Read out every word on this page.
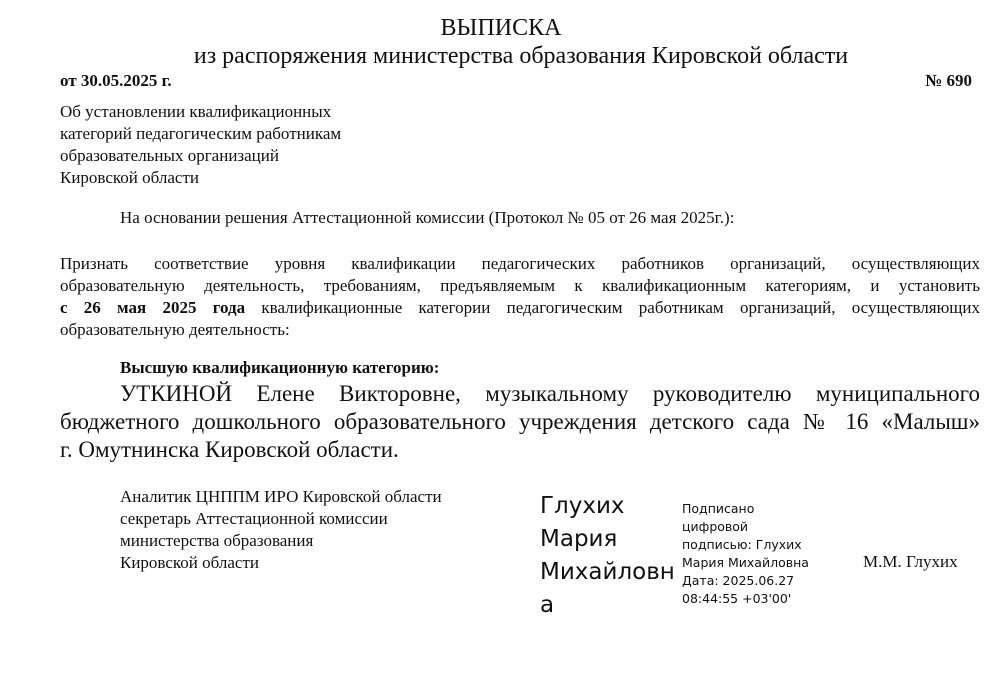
ВЫПИСКА
из распоряжения министерства образования Кировской области
от 30.05.2025 г.	№ 690
Об установлении квалификационных
категорий педагогическим работникам
образовательных организаций
Кировской области
На основании решения Аттестационной комиссии (Протокол № 05 от 26 мая 2025г.):
Признать соответствие уровня квалификации педагогических работников организаций, осуществляющих
образовательную деятельность, требованиям, предъявляемым к квалификационным категориям, и установить
с 26 мая 2025 года квалификационные категории педагогическим работникам организаций, осуществляющих
образовательную деятельность:
Высшую квалификационную категорию:
УТКИНОЙ Елене Викторовне, музыкальному руководителю муниципального
бюджетного дошкольного образовательного учреждения детского сада № 16 «Малыш»
г. Омутнинска Кировской области.
Аналитик ЦНППМ ИРО Кировской области
секретарь Аттестационной комиссии
министерства образования
Кировской области
Глухих
Мария
Михайловн
а
Подписано
цифровой
подписью: Глухих
Мария Михайловна
Дата: 2025.06.27
08:44:55 +03'00'
М.М. Глухих
